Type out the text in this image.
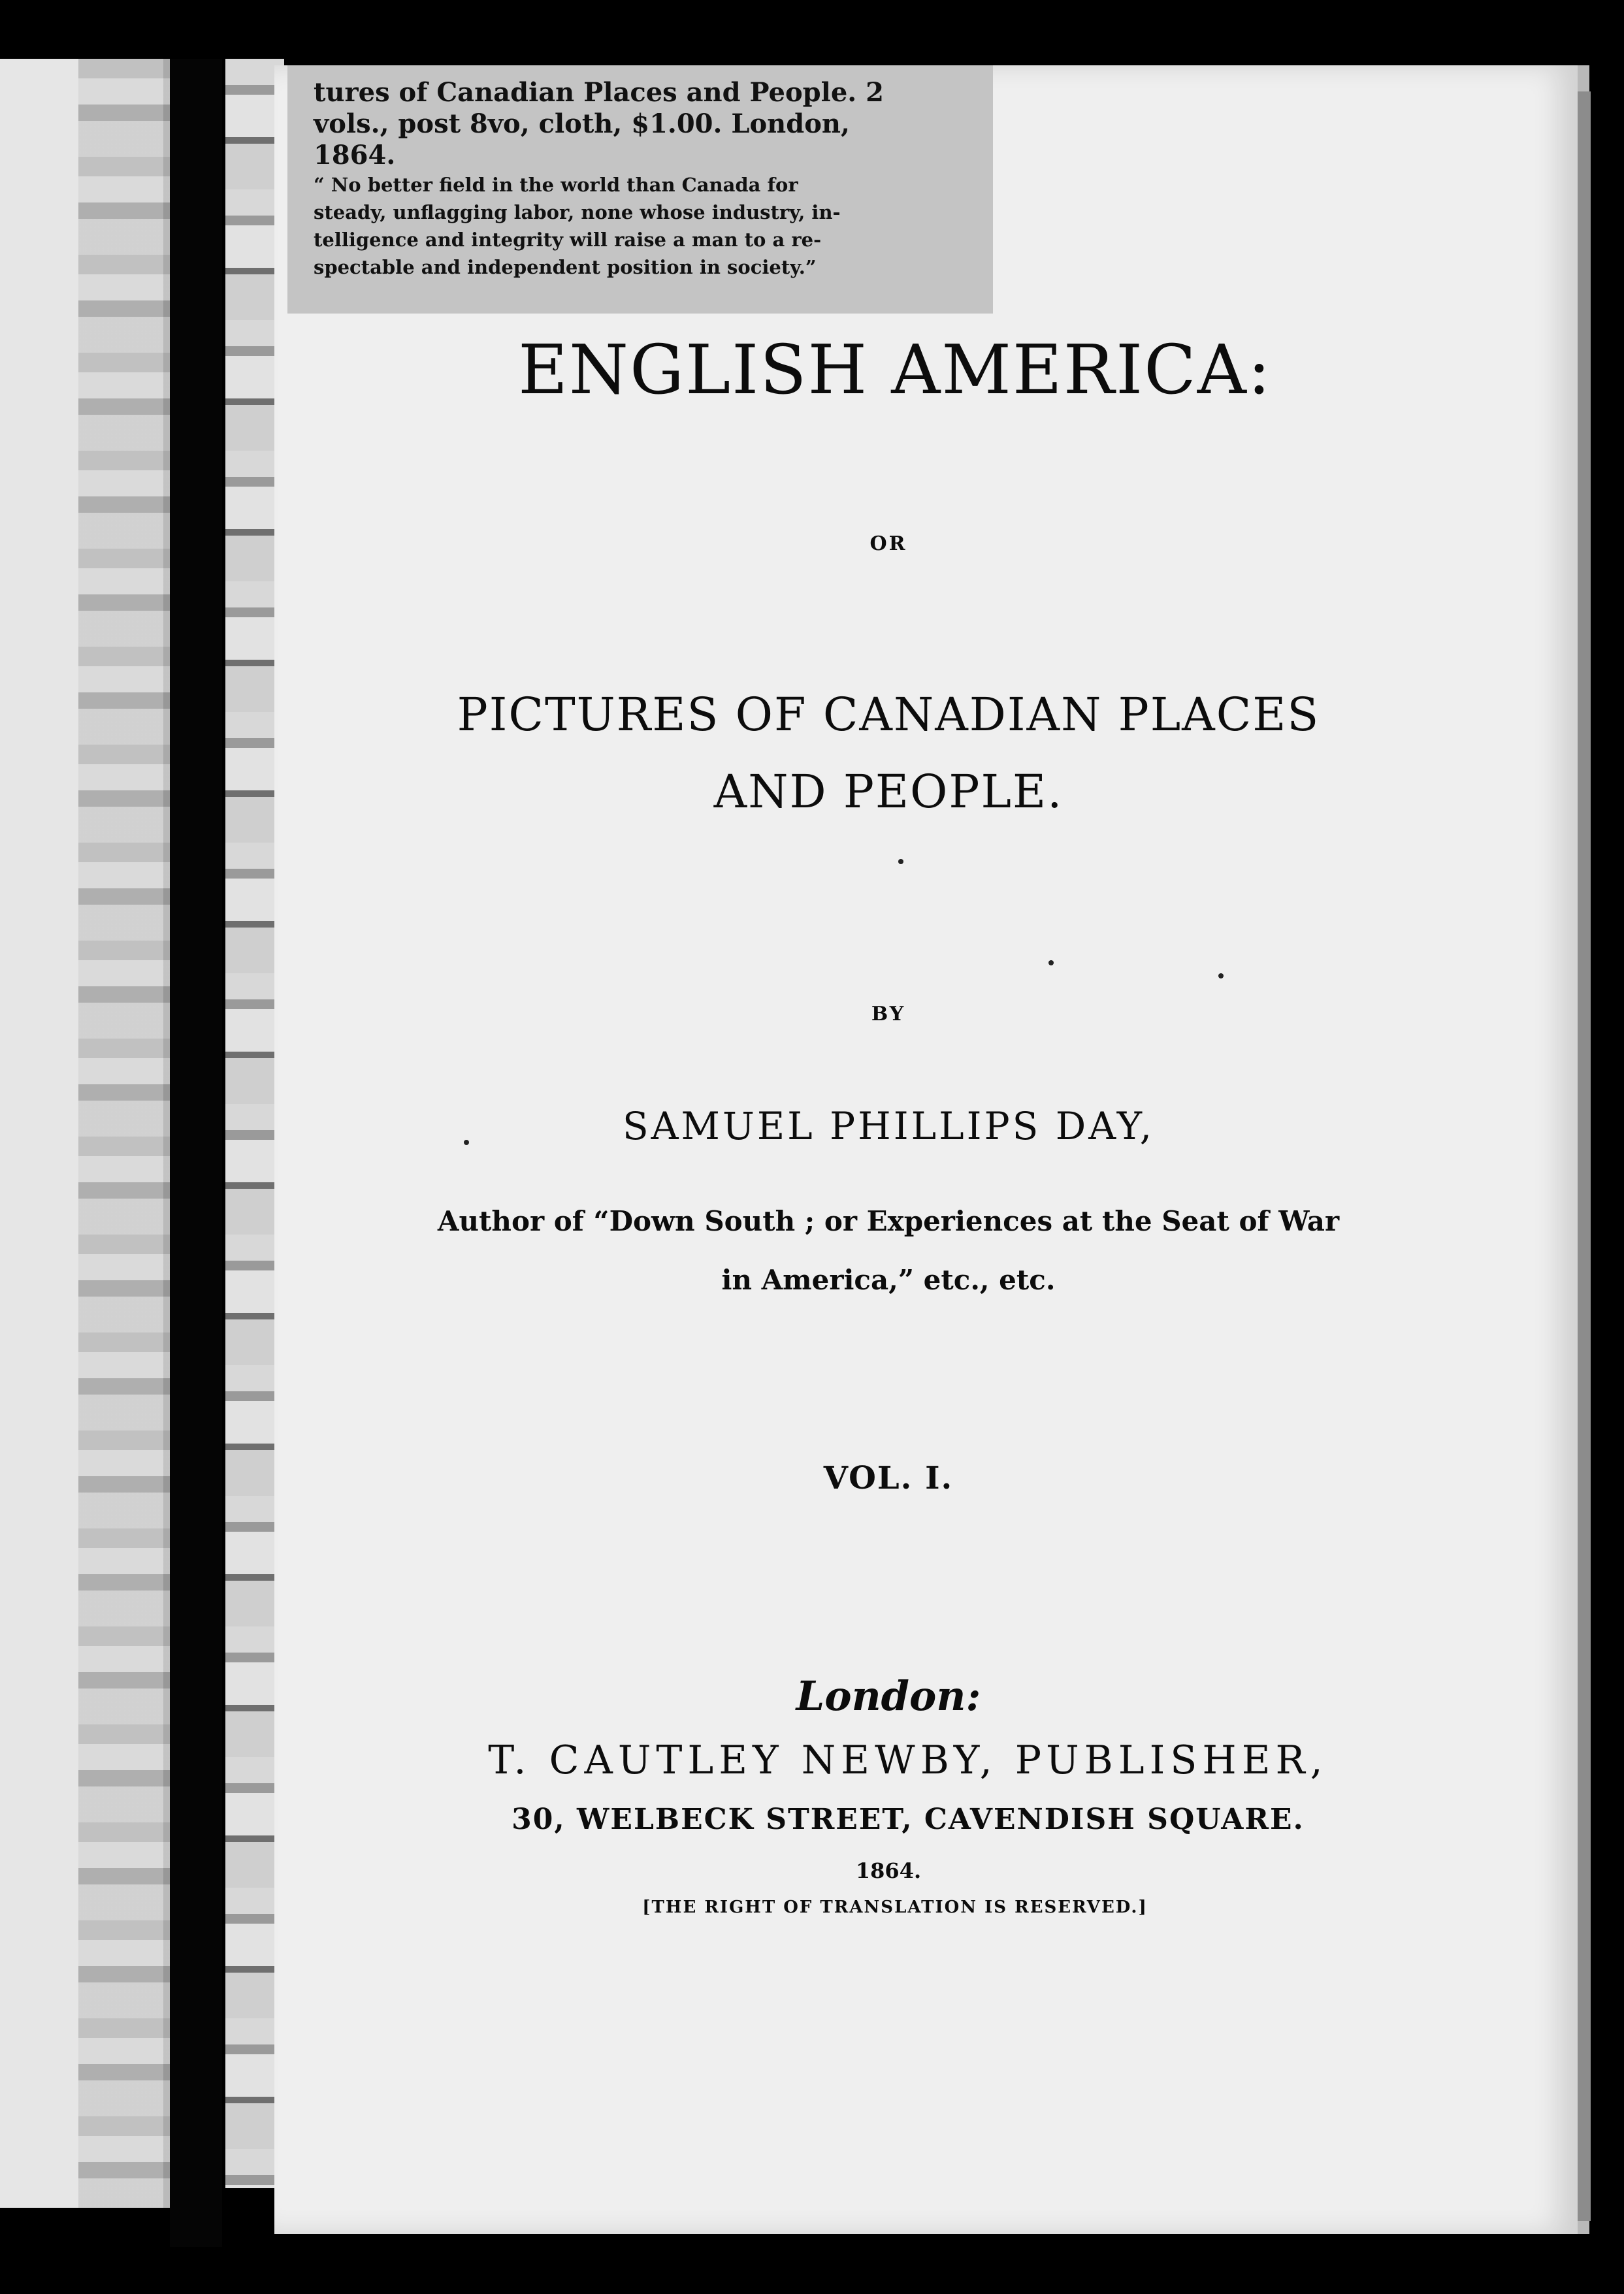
tures of Canadian Places and People. 2
vols., post 8vo, cloth, $1.00. London,
1864.
“ No better field in the world than Canada for
steady, unflagging labor, none whose industry, in-
telligence and integrity will raise a man to a re-
spectable and independent position in society.”
ENGLISH AMERICA:
OR
PICTURES OF CANADIAN PLACES
AND PEOPLE.
BY
SAMUEL PHILLIPS DAY,
Author of “Down South ; or Experiences at the Seat of War
in America,” etc., etc.
VOL. I.
London:
T. CAUTLEY NEWBY, PUBLISHER,
30, WELBECK STREET, CAVENDISH SQUARE.
1864.
[THE RIGHT OF TRANSLATION IS RESERVED.]
